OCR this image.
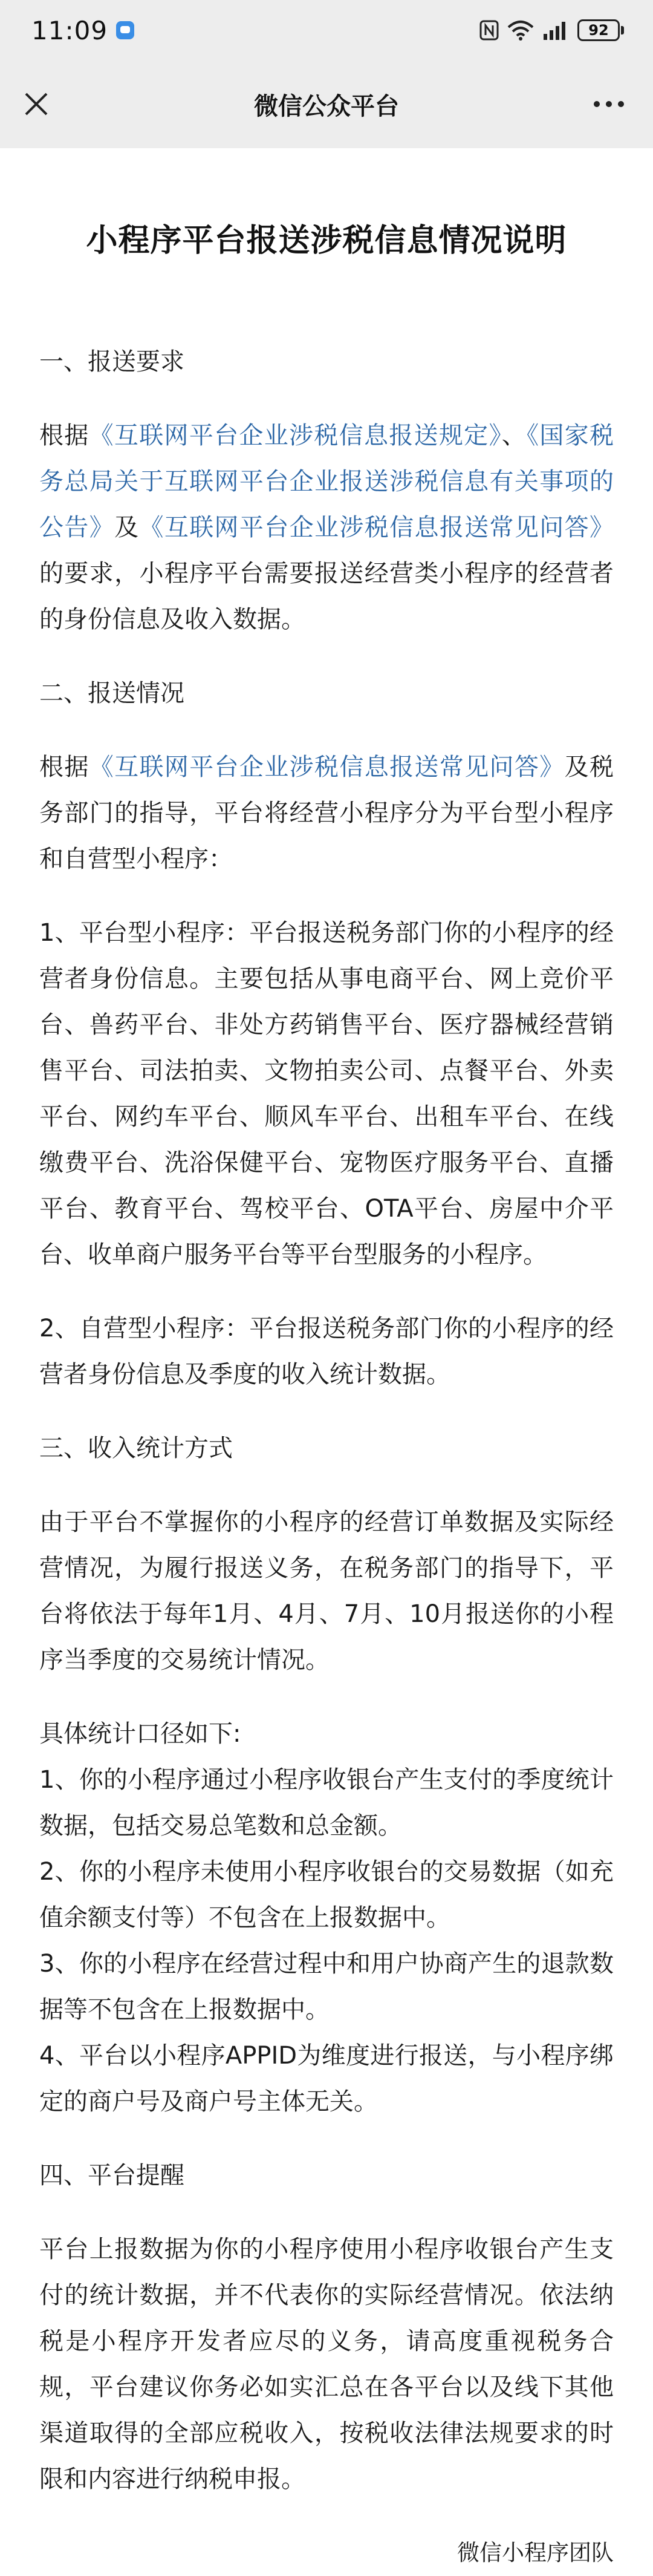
11:09	92
微信公众平台
小程序平台报送涉税信息情况说明
一、报送要求

根据《互联网平台企业涉税信息报送规定》、《国家税务总局关于互联网平台企业报送涉税信息有关事项的公告》及《互联网平台企业涉税信息报送常见问答》的要求，小程序平台需要报送经营类小程序的经营者的身份信息及收入数据。

二、报送情况

根据《互联网平台企业涉税信息报送常见问答》及税务部门的指导，平台将经营小程序分为平台型小程序和自营型小程序：

1、平台型小程序：平台报送税务部门你的小程序的经营者身份信息。主要包括从事电商平台、网上竞价平台、兽药平台、非处方药销售平台、医疗器械经营销售平台、司法拍卖、文物拍卖公司、点餐平台、外卖平台、网约车平台、顺风车平台、出租车平台、在线缴费平台、洗浴保健平台、宠物医疗服务平台、直播平台、教育平台、驾校平台、OTA平台、房屋中介平台、收单商户服务平台等平台型服务的小程序。

2、自营型小程序：平台报送税务部门你的小程序的经营者身份信息及季度的收入统计数据。

三、收入统计方式

由于平台不掌握你的小程序的经营订单数据及实际经营情况，为履行报送义务，在税务部门的指导下，平台将依法于每年1月、4月、7月、10月报送你的小程序当季度的交易统计情况。

具体统计口径如下:

1、你的小程序通过小程序收银台产生支付的季度统计数据，包括交易总笔数和总金额。

2、你的小程序未使用小程序收银台的交易数据（如充值余额支付等）不包含在上报数据中。

3、你的小程序在经营过程中和用户协商产生的退款数据等不包含在上报数据中。

4、平台以小程序APPID为维度进行报送，与小程序绑定的商户号及商户号主体无关。

四、平台提醒

平台上报数据为你的小程序使用小程序收银台产生支付的统计数据，并不代表你的实际经营情况。依法纳税是小程序开发者应尽的义务，请高度重视税务合规，平台建议你务必如实汇总在各平台以及线下其他渠道取得的全部应税收入，按税收法律法规要求的时限和内容进行纳税申报。

微信小程序团队
